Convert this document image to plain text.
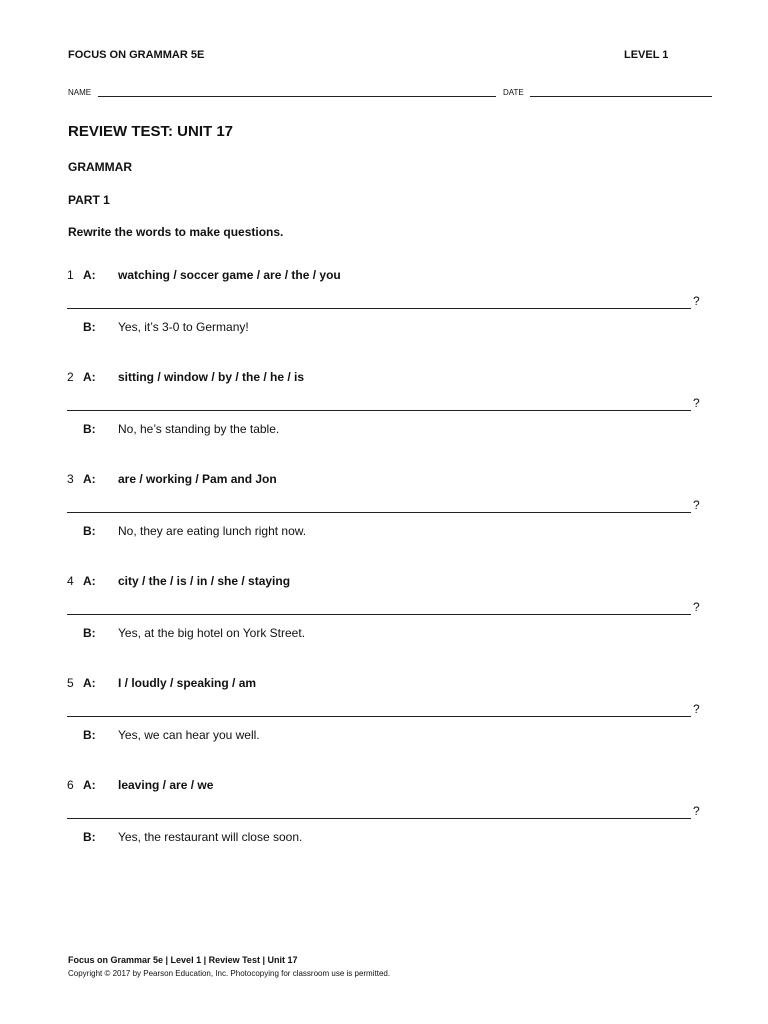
FOCUS ON GRAMMAR 5E	LEVEL 1
NAME	DATE
REVIEW TEST: UNIT 17
GRAMMAR
PART 1
Rewrite the words to make questions.
1 A: watching / soccer game / are / the / you
?
B: Yes, it’s 3-0 to Germany!
2 A: sitting / window / by / the / he / is
?
B: No, he’s standing by the table.
3 A: are / working / Pam and Jon
?
B: No, they are eating lunch right now.
4 A: city / the / is / in / she / staying
?
B: Yes, at the big hotel on York Street.
5 A: I / loudly / speaking / am
?
B: Yes, we can hear you well.
6 A: leaving / are / we
?
B: Yes, the restaurant will close soon.
Focus on Grammar 5e | Level 1 | Review Test | Unit 17
Copyright © 2017 by Pearson Education, Inc. Photocopying for classroom use is permitted.
